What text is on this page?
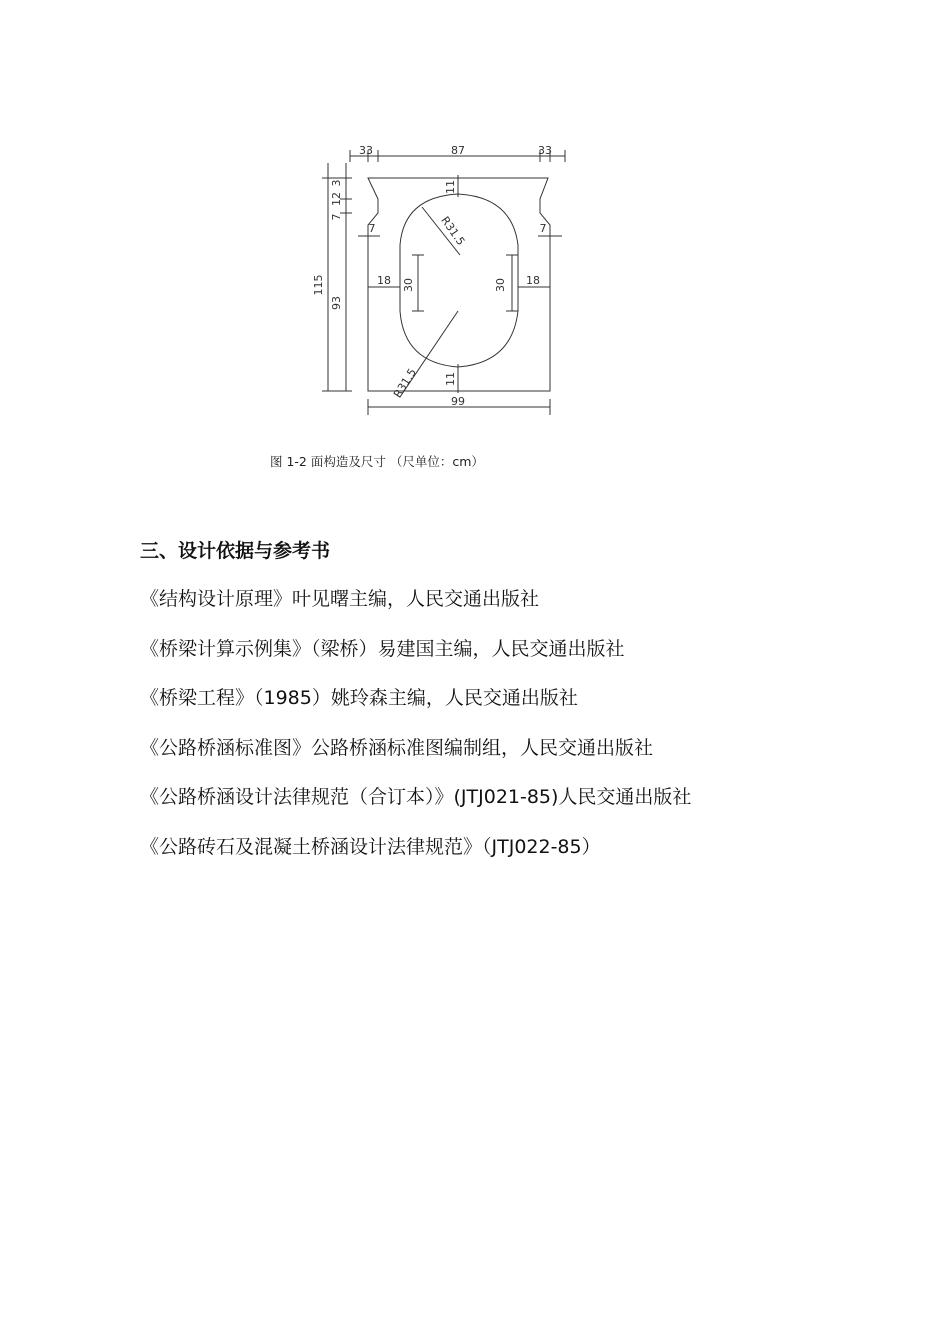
33	87	33
7
12
3
7	7
18	18
30	30
11
11
115
93
R31.5
R31.5
99
图 1-2 面构造及尺寸 （尺单位：cm）
三、设计依据与参考书
《结构设计原理》叶见曙主编，人民交通出版社
《桥梁计算示例集》（梁桥）易建国主编，人民交通出版社
《桥梁工程》（1985）姚玲森主编，人民交通出版社
《公路桥涵标准图》公路桥涵标准图编制组，人民交通出版社
《公路桥涵设计法律规范（合订本）》(JTJ021-85)人民交通出版社
《公路砖石及混凝土桥涵设计法律规范》（JTJ022-85）
